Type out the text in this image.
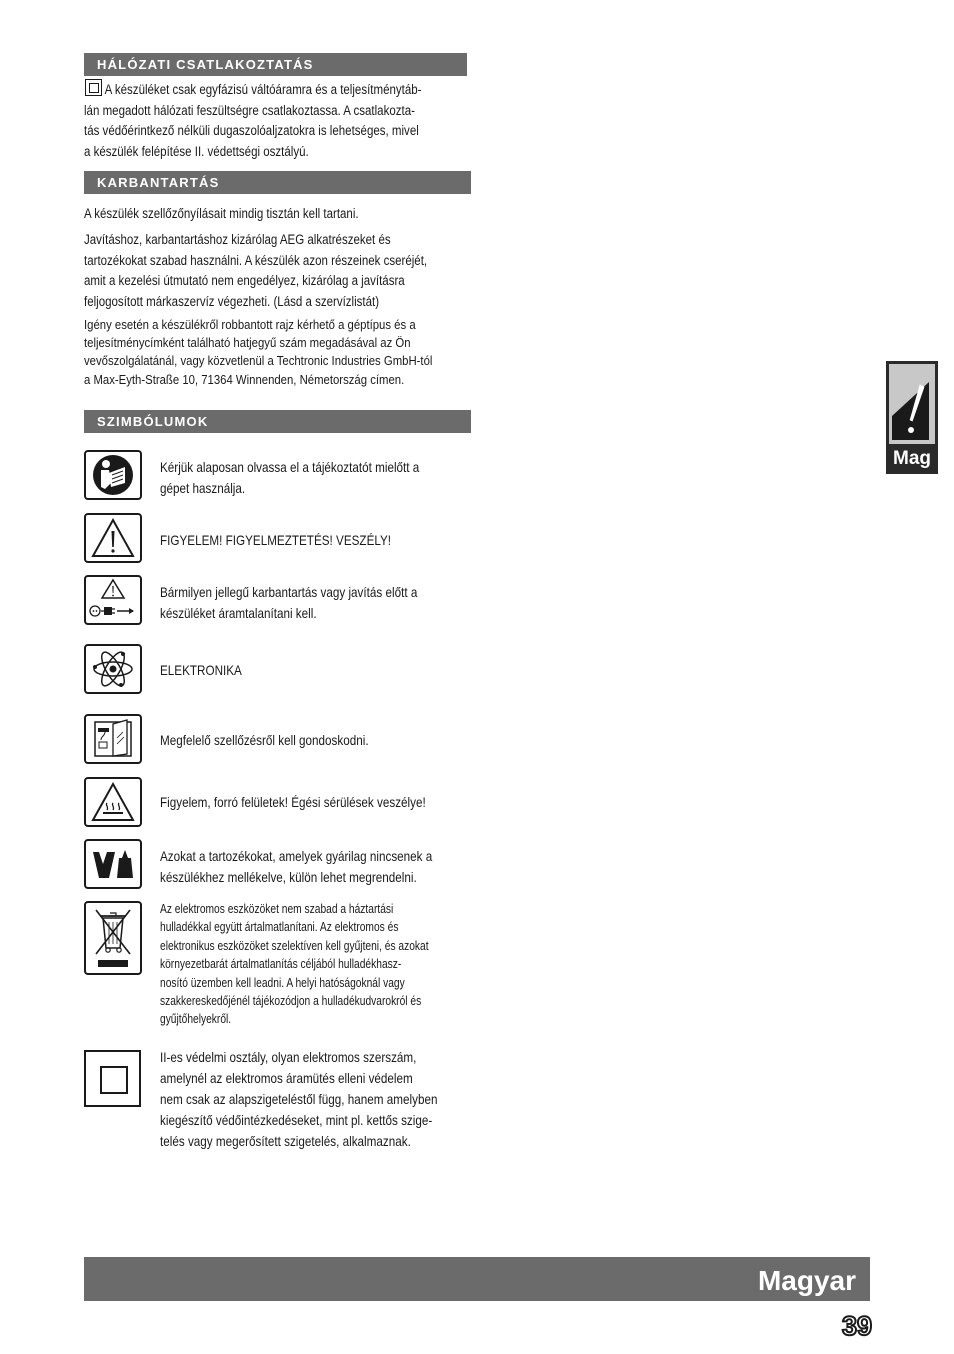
HÁLÓZATI CSATLAKOZTATÁS
A készüléket csak egyfázisú váltóáramra és a teljesítménytáb-
lán megadott hálózati feszültségre csatlakoztassa. A csatlakozta-
tás védőérintkező nélküli dugaszolóaljzatokra is lehetséges, mivel
a készülék felépítése II. védettségi osztályú.
KARBANTARTÁS
A készülék szellőzőnyílásait mindig tisztán kell tartani.
Javításhoz, karbantartáshoz kizárólag AEG alkatrészeket és
tartozékokat szabad használni. A készülék azon részeinek cseréjét,
amit a kezelési útmutató nem engedélyez, kizárólag a javításra
feljogosított márkaszervíz végezheti. (Lásd a szervízlistát)
Igény esetén a készülékről robbantott rajz kérhető a géptípus és a
teljesítménycímként található hatjegyű szám megadásával az Ön
vevőszolgálatánál, vagy közvetlenül a Techtronic Industries GmbH-tól
a Max-Eyth-Straße 10, 71364 Winnenden, Németország címen.
SZIMBÓLUMOK
Kérjük alaposan olvassa el a tájékoztatót mielőtt a
gépet használja.
FIGYELEM! FIGYELMEZTETÉS! VESZÉLY!
Bármilyen jellegű karbantartás vagy javítás előtt a
készüléket áramtalanítani kell.
ELEKTRONIKA
Megfelelő szellőzésről kell gondoskodni.
Figyelem, forró felületek! Égési sérülések veszélye!
Azokat a tartozékokat, amelyek gyárilag nincsenek a
készülékhez mellékelve, külön lehet megrendelni.
Az elektromos eszközöket nem szabad a háztartási
hulladékkal együtt ártalmatlanítani. Az elektromos és
elektronikus eszközöket szelektíven kell gyűjteni, és azokat
környezetbarát ártalmatlanítás céljából hulladékhasz-
nosító üzemben kell leadni. A helyi hatóságoknál vagy
szakkereskedőjénél tájékozódjon a hulladékudvarokról és
gyűjtőhelyekről.
II-es védelmi osztály, olyan elektromos szerszám,
amelynél az elektromos áramütés elleni védelem
nem csak az alapszigeteléstől függ, hanem amelyben
kiegészítő védőintézkedéseket, mint pl. kettős szige-
telés vagy megerősített szigetelés, alkalmaznak.
Mag
Magyar
39
